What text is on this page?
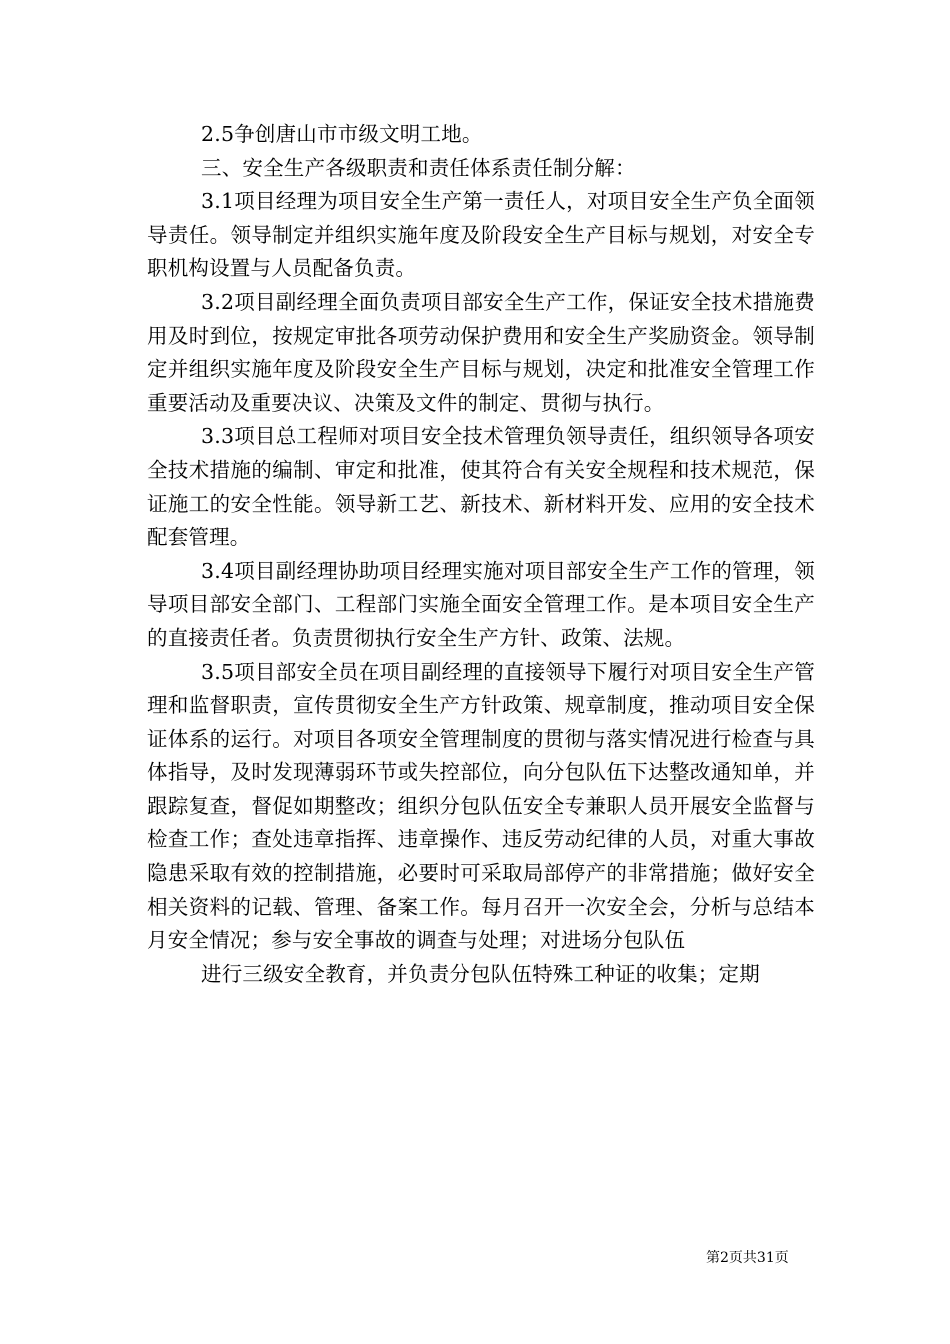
2.5争创唐山市市级文明工地。

三、安全生产各级职责和责任体系责任制分解：

3.1项目经理为项目安全生产第一责任人，对项目安全生产负全面领导责任。领导制定并组织实施年度及阶段安全生产目标与规划，对安全专职机构设置与人员配备负责。

3.2项目副经理全面负责项目部安全生产工作，保证安全技术措施费用及时到位，按规定审批各项劳动保护费用和安全生产奖励资金。领导制定并组织实施年度及阶段安全生产目标与规划，决定和批准安全管理工作重要活动及重要决议、决策及文件的制定、贯彻与执行。

3.3项目总工程师对项目安全技术管理负领导责任，组织领导各项安全技术措施的编制、审定和批准，使其符合有关安全规程和技术规范，保证施工的安全性能。领导新工艺、新技术、新材料开发、应用的安全技术配套管理。

3.4项目副经理协助项目经理实施对项目部安全生产工作的管理，领导项目部安全部门、工程部门实施全面安全管理工作。是本项目安全生产的直接责任者。负责贯彻执行安全生产方针、政策、法规。

3.5项目部安全员在项目副经理的直接领导下履行对项目安全生产管理和监督职责，宣传贯彻安全生产方针政策、规章制度，推动项目安全保证体系的运行。对项目各项安全管理制度的贯彻与落实情况进行检查与具体指导，及时发现薄弱环节或失控部位，向分包队伍下达整改通知单，并跟踪复查，督促如期整改；组织分包队伍安全专兼职人员开展安全监督与检查工作；查处违章指挥、违章操作、违反劳动纪律的人员，对重大事故隐患采取有效的控制措施，必要时可采取局部停产的非常措施；做好安全相关资料的记载、管理、备案工作。每月召开一次安全会，分析与总结本月安全情况；参与安全事故的调查与处理；对进场分包队伍

进行三级安全教育，并负责分包队伍特殊工种证的收集；定期

第2页共31页
